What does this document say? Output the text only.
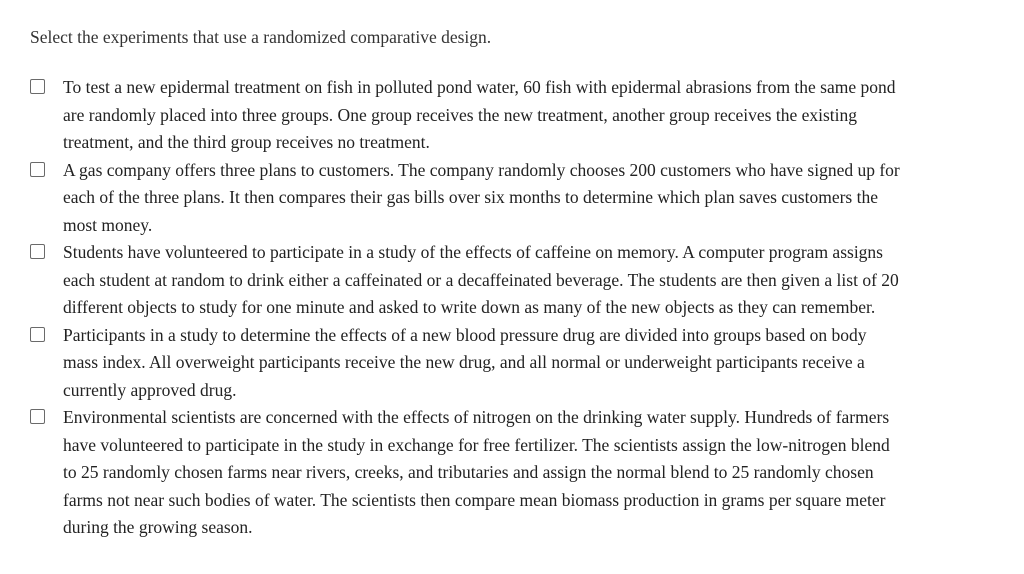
Select the experiments that use a randomized comparative design.
To test a new epidermal treatment on fish in polluted pond water, 60 fish with epidermal abrasions from the same pond are randomly placed into three groups. One group receives the new treatment, another group receives the existing treatment, and the third group receives no treatment.
A gas company offers three plans to customers. The company randomly chooses 200 customers who have signed up for each of the three plans. It then compares their gas bills over six months to determine which plan saves customers the most money.
Students have volunteered to participate in a study of the effects of caffeine on memory. A computer program assigns each student at random to drink either a caffeinated or a decaffeinated beverage. The students are then given a list of 20 different objects to study for one minute and asked to write down as many of the new objects as they can remember.
Participants in a study to determine the effects of a new blood pressure drug are divided into groups based on body mass index. All overweight participants receive the new drug, and all normal or underweight participants receive a currently approved drug.
Environmental scientists are concerned with the effects of nitrogen on the drinking water supply. Hundreds of farmers have volunteered to participate in the study in exchange for free fertilizer. The scientists assign the low-nitrogen blend to 25 randomly chosen farms near rivers, creeks, and tributaries and assign the normal blend to 25 randomly chosen farms not near such bodies of water. The scientists then compare mean biomass production in grams per square meter during the growing season.
